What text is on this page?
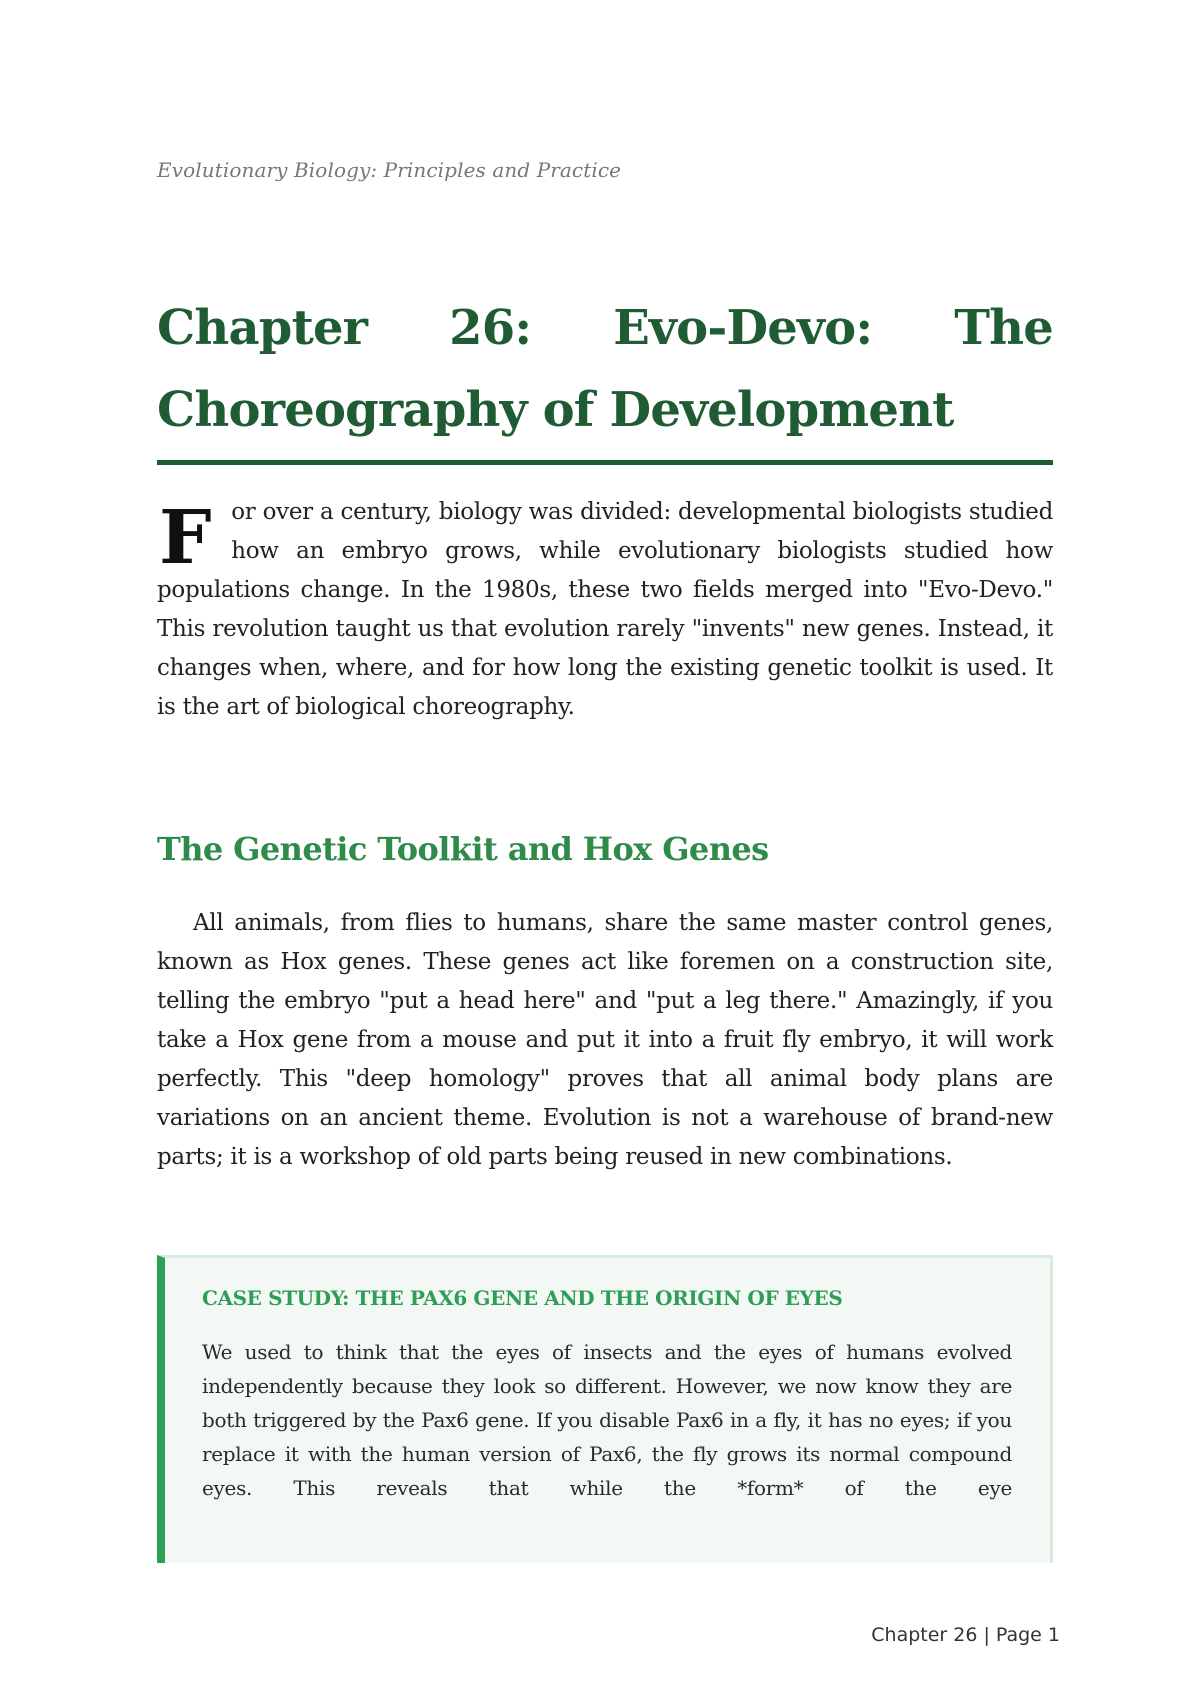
Evolutionary Biology: Principles and Practice
Chapter 26: Evo-Devo: The Choreography of Development

For over a century, biology was divided: developmental biologists studied how an embryo grows, while evolutionary biologists studied how populations change. In the 1980s, these two fields merged into "Evo-Devo." This revolution taught us that evolution rarely "invents" new genes. Instead, it changes when, where, and for how long the existing genetic toolkit is used. It is the art of biological choreography.

The Genetic Toolkit and Hox Genes

All animals, from flies to humans, share the same master control genes, known as Hox genes. These genes act like foremen on a construction site, telling the embryo "put a head here" and "put a leg there." Amazingly, if you take a Hox gene from a mouse and put it into a fruit fly embryo, it will work perfectly. This "deep homology" proves that all animal body plans are variations on an ancient theme. Evolution is not a warehouse of brand-new parts; it is a workshop of old parts being reused in new combinations.

CASE STUDY: THE PAX6 GENE AND THE ORIGIN OF EYES

We used to think that the eyes of insects and the eyes of humans evolved independently because they look so different. However, we now know they are both triggered by the Pax6 gene. If you disable Pax6 in a fly, it has no eyes; if you replace it with the human version of Pax6, the fly grows its normal compound eyes. This reveals that while the *form* of the eye

Chapter 26 | Page 1
